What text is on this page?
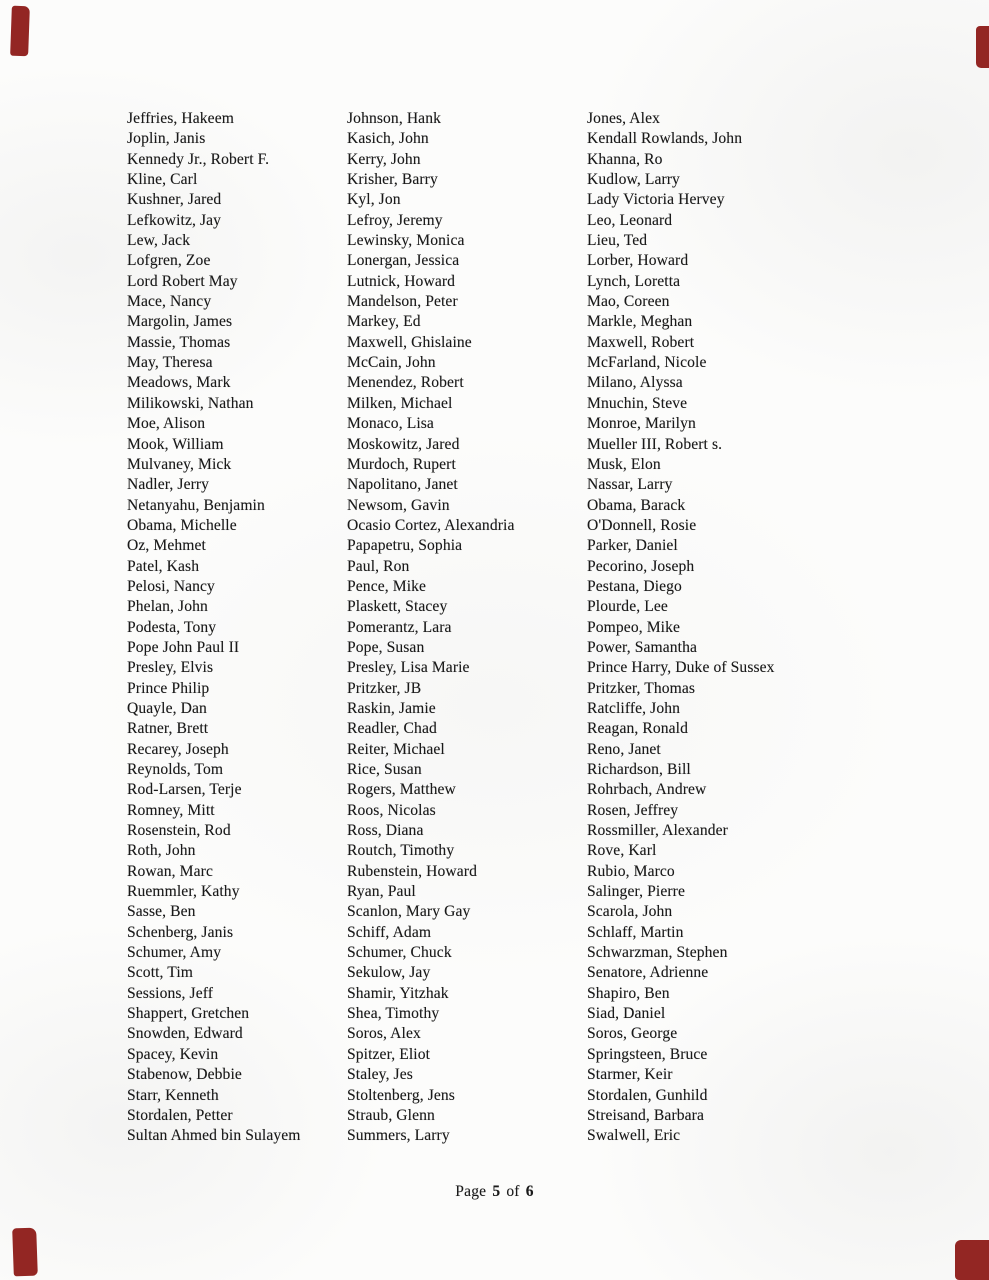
Jeffries, Hakeem
Joplin, Janis
Kennedy Jr., Robert F.
Kline, Carl
Kushner, Jared
Lefkowitz, Jay
Lew, Jack
Lofgren, Zoe
Lord Robert May
Mace, Nancy
Margolin, James
Massie, Thomas
May, Theresa
Meadows, Mark
Milikowski, Nathan
Moe, Alison
Mook, William
Mulvaney, Mick
Nadler, Jerry
Netanyahu, Benjamin
Obama, Michelle
Oz, Mehmet
Patel, Kash
Pelosi, Nancy
Phelan, John
Podesta, Tony
Pope John Paul II
Presley, Elvis
Prince Philip
Quayle, Dan
Ratner, Brett
Recarey, Joseph
Reynolds, Tom
Rod-Larsen, Terje
Romney, Mitt
Rosenstein, Rod
Roth, John
Rowan, Marc
Ruemmler, Kathy
Sasse, Ben
Schenberg, Janis
Schumer, Amy
Scott, Tim
Sessions, Jeff
Shappert, Gretchen
Snowden, Edward
Spacey, Kevin
Stabenow, Debbie
Starr, Kenneth
Stordalen, Petter
Sultan Ahmed bin Sulayem
Johnson, Hank
Kasich, John
Kerry, John
Krisher, Barry
Kyl, Jon
Lefroy, Jeremy
Lewinsky, Monica
Lonergan, Jessica
Lutnick, Howard
Mandelson, Peter
Markey, Ed
Maxwell, Ghislaine
McCain, John
Menendez, Robert
Milken, Michael
Monaco, Lisa
Moskowitz, Jared
Murdoch, Rupert
Napolitano, Janet
Newsom, Gavin
Ocasio Cortez, Alexandria
Papapetru, Sophia
Paul, Ron
Pence, Mike
Plaskett, Stacey
Pomerantz, Lara
Pope, Susan
Presley, Lisa Marie
Pritzker, JB
Raskin, Jamie
Readler, Chad
Reiter, Michael
Rice, Susan
Rogers, Matthew
Roos, Nicolas
Ross, Diana
Routch, Timothy
Rubenstein, Howard
Ryan, Paul
Scanlon, Mary Gay
Schiff, Adam
Schumer, Chuck
Sekulow, Jay
Shamir, Yitzhak
Shea, Timothy
Soros, Alex
Spitzer, Eliot
Staley, Jes
Stoltenberg, Jens
Straub, Glenn
Summers, Larry
Jones, Alex
Kendall Rowlands, John
Khanna, Ro
Kudlow, Larry
Lady Victoria Hervey
Leo, Leonard
Lieu, Ted
Lorber, Howard
Lynch, Loretta
Mao, Coreen
Markle, Meghan
Maxwell, Robert
McFarland, Nicole
Milano, Alyssa
Mnuchin, Steve
Monroe, Marilyn
Mueller III, Robert s.
Musk, Elon
Nassar, Larry
Obama, Barack
O'Donnell, Rosie
Parker, Daniel
Pecorino, Joseph
Pestana, Diego
Plourde, Lee
Pompeo, Mike
Power, Samantha
Prince Harry, Duke of Sussex
Pritzker, Thomas
Ratcliffe, John
Reagan, Ronald
Reno, Janet
Richardson, Bill
Rohrbach, Andrew
Rosen, Jeffrey
Rossmiller, Alexander
Rove, Karl
Rubio, Marco
Salinger, Pierre
Scarola, John
Schlaff, Martin
Schwarzman, Stephen
Senatore, Adrienne
Shapiro, Ben
Siad, Daniel
Soros, George
Springsteen, Bruce
Starmer, Keir
Stordalen, Gunhild
Streisand, Barbara
Swalwell, Eric
Page 5 of 6
